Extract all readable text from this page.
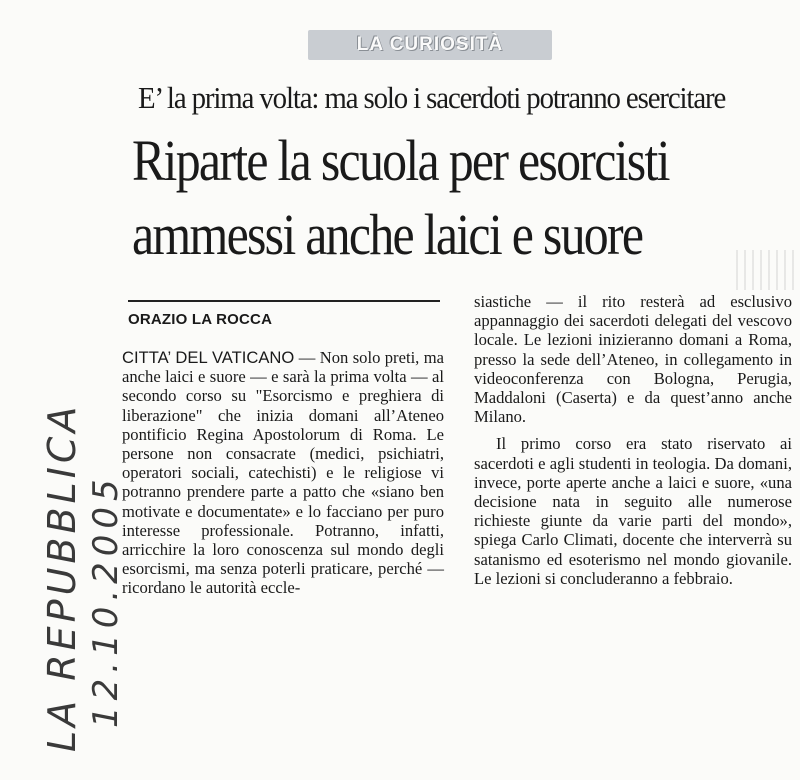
LA CURIOSITÀ
E’ la prima volta: ma solo i sacerdoti potranno esercitare
Riparte la scuola per esorcisti
ammessi anche laici e suore
ORAZIO LA ROCCA

CITTA’ DEL VATICANO — Non solo preti, ma anche laici e suore — e sarà la prima volta — al secondo corso su "Esorcismo e preghiera di liberazione" che inizia domani all’Ateneo pontificio Regina Apostolorum di Roma. Le persone non consacrate (medici, psichiatri, operatori sociali, catechisti) e le religiose vi potranno prendere parte a patto che «siano ben motivate e documentate» e lo facciano per puro interesse professionale. Potranno, infatti, arricchire la loro conoscenza sul mondo degli esorcismi, ma senza poterli praticare, perché — ricordano le autorità eccle-

siastiche — il rito resterà ad esclusivo appannaggio dei sacerdoti delegati del vescovo locale. Le lezioni inizieranno domani a Roma, presso la sede dell’Ateneo, in collegamento in videoconferenza con Bologna, Perugia, Maddaloni (Caserta) e da quest’anno anche Milano.

Il primo corso era stato riservato ai sacerdoti e agli studenti in teologia. Da domani, invece, porte aperte anche a laici e suore, «una decisione nata in seguito alle numerose richieste giunte da varie parti del mondo», spiega Carlo Climati, docente che interverrà su satanismo ed esoterismo nel mondo giovanile. Le lezioni si concluderanno a febbraio.

LA REPUBBLICA 12.10.2005
